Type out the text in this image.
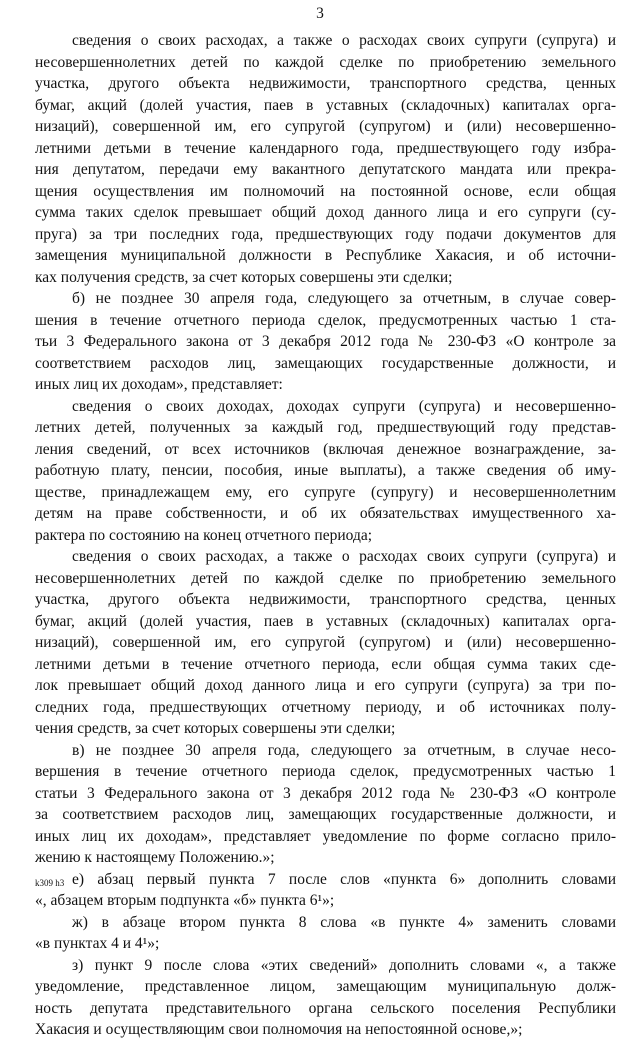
3
сведения о своих расходах, а также о расходах своих супруги (супруга) и
несовершеннолетних детей по каждой сделке по приобретению земельного
участка, другого объекта недвижимости, транспортного средства, ценных
бумаг, акций (долей участия, паев в уставных (складочных) капиталах орга-
низаций), совершенной им, его супругой (супругом) и (или) несовершенно-
летними детьми в течение календарного года, предшествующего году избра-
ния депутатом, передачи ему вакантного депутатского мандата или прекра-
щения осуществления им полномочий на постоянной основе, если общая
сумма таких сделок превышает общий доход данного лица и его супруги (су-
пруга) за три последних года, предшествующих году подачи документов для
замещения муниципальной должности в Республике Хакасия, и об источни-
ках получения средств, за счет которых совершены эти сделки;
б) не позднее 30 апреля года, следующего за отчетным, в случае совер-
шения в течение отчетного периода сделок, предусмотренных частью 1 ста-
тьи 3 Федерального закона от 3 декабря 2012 года № 230-ФЗ «О контроле за
соответствием расходов лиц, замещающих государственные должности, и
иных лиц их доходам», представляет:
сведения о своих доходах, доходах супруги (супруга) и несовершенно-
летних детей, полученных за каждый год, предшествующий году представ-
ления сведений, от всех источников (включая денежное вознаграждение, за-
работную плату, пенсии, пособия, иные выплаты), а также сведения об иму-
ществе, принадлежащем ему, его супруге (супругу) и несовершеннолетним
детям на праве собственности, и об их обязательствах имущественного ха-
рактера по состоянию на конец отчетного периода;
сведения о своих расходах, а также о расходах своих супруги (супруга) и
несовершеннолетних детей по каждой сделке по приобретению земельного
участка, другого объекта недвижимости, транспортного средства, ценных
бумаг, акций (долей участия, паев в уставных (складочных) капиталах орга-
низаций), совершенной им, его супругой (супругом) и (или) несовершенно-
летними детьми в течение отчетного периода, если общая сумма таких сде-
лок превышает общий доход данного лица и его супруги (супруга) за три по-
следних года, предшествующих отчетному периоду, и об источниках полу-
чения средств, за счет которых совершены эти сделки;
в) не позднее 30 апреля года, следующего за отчетным, в случае несо-
вершения в течение отчетного периода сделок, предусмотренных частью 1
статьи 3 Федерального закона от 3 декабря 2012 года № 230-ФЗ «О контроле
за соответствием расходов лиц, замещающих государственные должности, и
иных лиц их доходам», представляет уведомление по форме согласно прило-
жению к настоящему Положению.»;
е) абзац первый пункта 7 после слов «пункта 6» дополнить словами
«, абзацем вторым подпункта «б» пункта 6¹»;
ж) в абзаце втором пункта 8 слова «в пункте 4» заменить словами
«в пунктах 4 и 4¹»;
з) пункт 9 после слова «этих сведений» дополнить словами «, а также
уведомление, представленное лицом, замещающим муниципальную долж-
ность депутата представительного органа сельского поселения Республики
Хакасия и осуществляющим свои полномочия на непостоянной основе,»;
k309 h3
